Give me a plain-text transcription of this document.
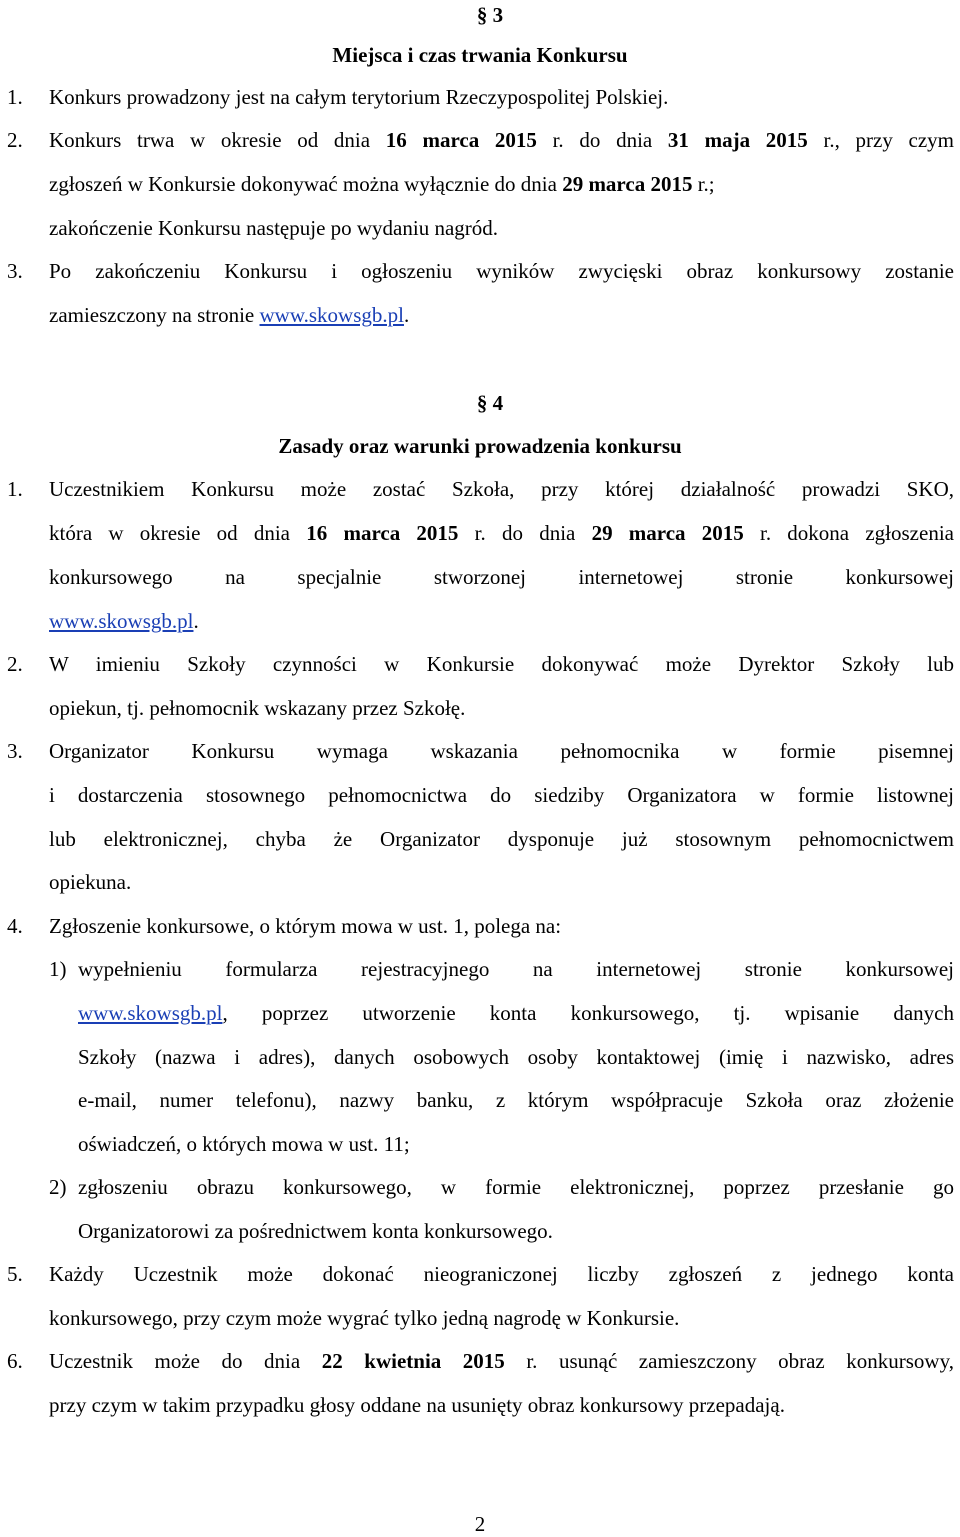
§ 3
Miejsca i czas trwania Konkursu
1. Konkurs prowadzony jest na całym terytorium Rzeczypospolitej Polskiej.
2. Konkurs trwa w okresie od dnia 16 marca 2015 r. do dnia 31 maja 2015 r., przy czym
zgłoszeń w Konkursie dokonywać można wyłącznie do dnia 29 marca 2015 r.;
zakończenie Konkursu następuje po wydaniu nagród.
3. Po zakończeniu Konkursu i ogłoszeniu wyników zwycięski obraz konkursowy zostanie
zamieszczony na stronie www.skowsgb.pl.
§ 4
Zasady oraz warunki prowadzenia konkursu
1. Uczestnikiem Konkursu może zostać Szkoła, przy której działalność prowadzi SKO,
która w okresie od dnia 16 marca 2015 r. do dnia 29 marca 2015 r. dokona zgłoszenia
konkursowego na specjalnie stworzonej internetowej stronie konkursowej
www.skowsgb.pl.
2. W imieniu Szkoły czynności w Konkursie dokonywać może Dyrektor Szkoły lub
opiekun, tj. pełnomocnik wskazany przez Szkołę.
3. Organizator Konkursu wymaga wskazania pełnomocnika w formie pisemnej
i dostarczenia stosownego pełnomocnictwa do siedziby Organizatora w formie listownej
lub elektronicznej, chyba że Organizator dysponuje już stosownym pełnomocnictwem
opiekuna.
4. Zgłoszenie konkursowe, o którym mowa w ust. 1, polega na:
1) wypełnieniu formularza rejestracyjnego na internetowej stronie konkursowej
www.skowsgb.pl, poprzez utworzenie konta konkursowego, tj. wpisanie danych
Szkoły (nazwa i adres), danych osobowych osoby kontaktowej (imię i nazwisko, adres
e-mail, numer telefonu), nazwy banku, z którym współpracuje Szkoła oraz złożenie
oświadczeń, o których mowa w ust. 11;
2) zgłoszeniu obrazu konkursowego, w formie elektronicznej, poprzez przesłanie go
Organizatorowi za pośrednictwem konta konkursowego.
5. Każdy Uczestnik może dokonać nieograniczonej liczby zgłoszeń z jednego konta
konkursowego, przy czym może wygrać tylko jedną nagrodę w Konkursie.
6. Uczestnik może do dnia 22 kwietnia 2015 r. usunąć zamieszczony obraz konkursowy,
przy czym w takim przypadku głosy oddane na usunięty obraz konkursowy przepadają.
2
